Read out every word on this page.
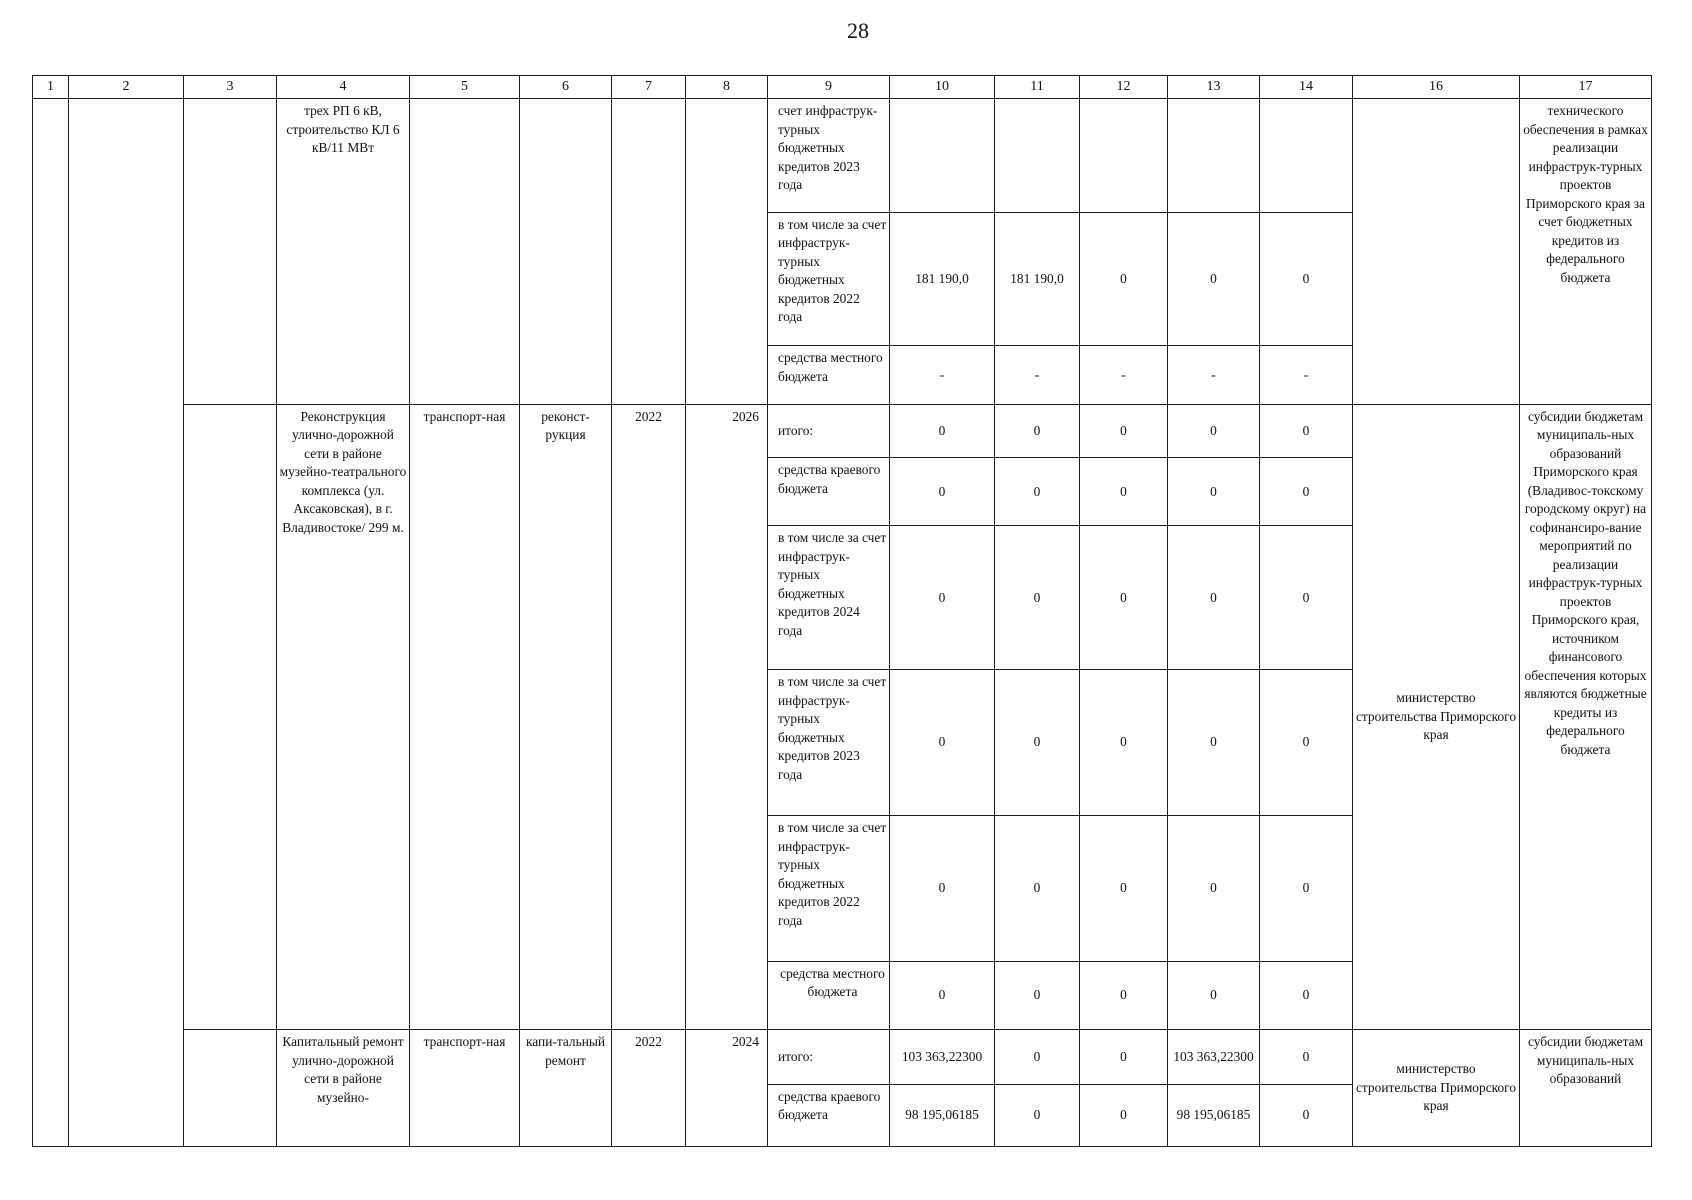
28
1	2	3	4	5	6	7	8	9	10	11	12	13	14	16	17
			трех РП 6 кВ, строительство КЛ 6 кВ/11 МВт					счет инфраструк-турных бюджетных кредитов 2023 года							технического обеспечения в рамках реализации инфраструк-турных проектов Приморского края за счет бюджетных кредитов из федерального бюджета
								в том числе за счет инфраструк-турных бюджетных кредитов 2022 года	181 190,0	181 190,0	0	0	0		
								средства местного бюджета	-	-	-	-	-		
			Реконструкция улично-дорожной сети в районе музейно-театрального комплекса (ул. Аксаковская), в г. Владивостоке/ 299 м.	транспорт-ная	реконст-рукция	2022	2026	итого:	0	0	0	0	0	министерство строительства Приморского края	субсидии бюджетам муниципаль-ных образований Приморского края (Владивос-токскому городскому округ) на софинансиро-вание мероприятий по реализации инфраструк-турных проектов Приморского края, источником финансового обеспечения которых являются бюджетные кредиты из федерального бюджета
								средства краевого бюджета	0	0	0	0	0		
								в том числе за счет инфраструк-турных бюджетных кредитов 2024 года	0	0	0	0	0		
								в том числе за счет инфраструк-турных бюджетных кредитов 2023 года	0	0	0	0	0		
								в том числе за счет инфраструк-турных бюджетных кредитов 2022 года	0	0	0	0	0		
								средства местного бюджета	0	0	0	0	0		
			Капитальный ремонт улично-дорожной сети в районе музейно-	транспорт-ная	капи-тальный ремонт	2022	2024	итого:	103 363,22300	0	0	103 363,22300	0	министерство строительства Приморского края	субсидии бюджетам муниципаль-ных образований
								средства краевого бюджета	98 195,06185	0	0	98 195,06185	0		
